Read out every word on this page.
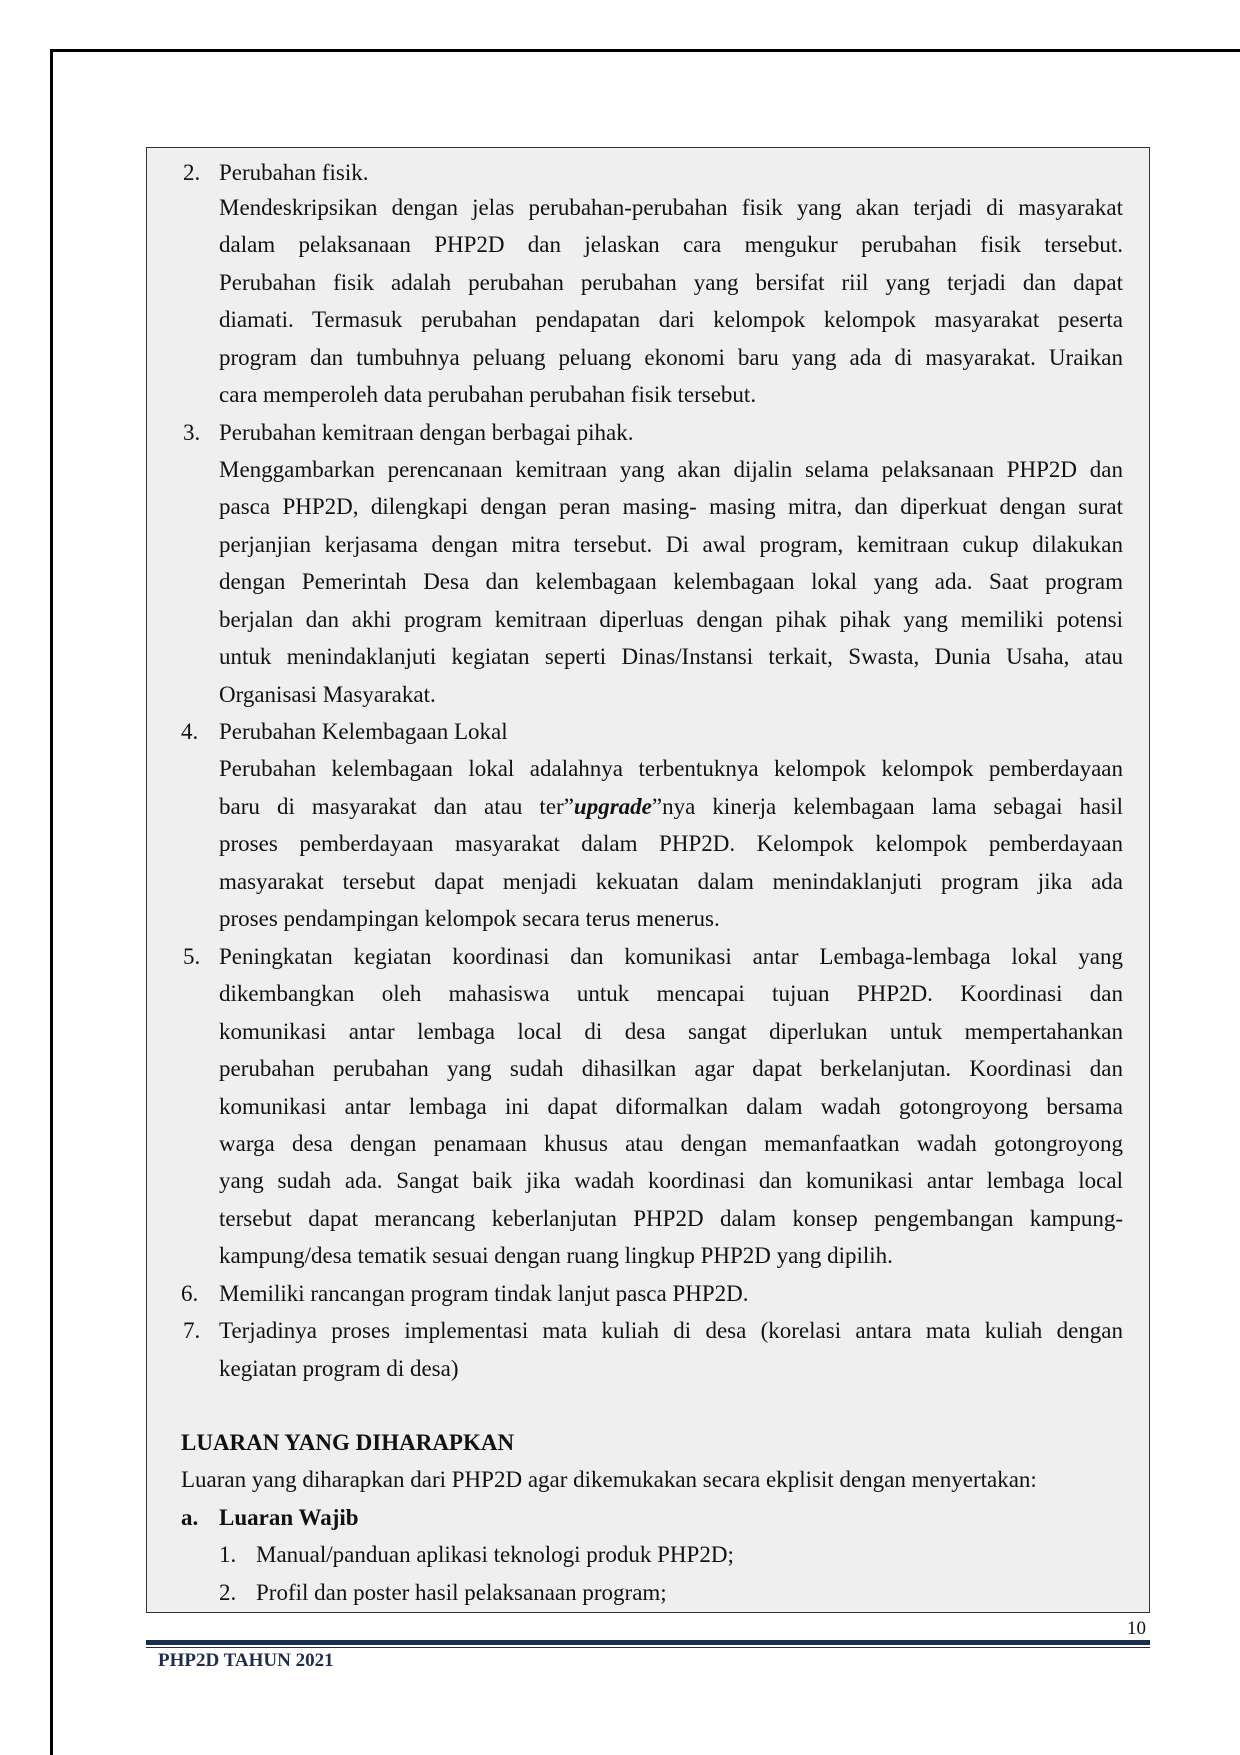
2. Perubahan fisik.
Mendeskripsikan dengan jelas perubahan-perubahan fisik yang akan terjadi di masyarakat
dalam pelaksanaan PHP2D dan jelaskan cara mengukur perubahan fisik tersebut.
Perubahan fisik adalah perubahan perubahan yang bersifat riil yang terjadi dan dapat
diamati. Termasuk perubahan pendapatan dari kelompok kelompok masyarakat peserta
program dan tumbuhnya peluang peluang ekonomi baru yang ada di masyarakat. Uraikan
cara memperoleh data perubahan perubahan fisik tersebut.
3. Perubahan kemitraan dengan berbagai pihak.
Menggambarkan perencanaan kemitraan yang akan dijalin selama pelaksanaan PHP2D dan
pasca PHP2D, dilengkapi dengan peran masing- masing mitra, dan diperkuat dengan surat
perjanjian kerjasama dengan mitra tersebut. Di awal program, kemitraan cukup dilakukan
dengan Pemerintah Desa dan kelembagaan kelembagaan lokal yang ada. Saat program
berjalan dan akhi program kemitraan diperluas dengan pihak pihak yang memiliki potensi
untuk menindaklanjuti kegiatan seperti Dinas/Instansi terkait, Swasta, Dunia Usaha, atau
Organisasi Masyarakat.
4. Perubahan Kelembagaan Lokal
Perubahan kelembagaan lokal adalahnya terbentuknya kelompok kelompok pemberdayaan
baru di masyarakat dan atau ter”upgrade”nya kinerja kelembagaan lama sebagai hasil
proses pemberdayaan masyarakat dalam PHP2D. Kelompok kelompok pemberdayaan
masyarakat tersebut dapat menjadi kekuatan dalam menindaklanjuti program jika ada
proses pendampingan kelompok secara terus menerus.
5. Peningkatan kegiatan koordinasi dan komunikasi antar Lembaga-lembaga lokal yang
dikembangkan oleh mahasiswa untuk mencapai tujuan PHP2D. Koordinasi dan
komunikasi antar lembaga local di desa sangat diperlukan untuk mempertahankan
perubahan perubahan yang sudah dihasilkan agar dapat berkelanjutan. Koordinasi dan
komunikasi antar lembaga ini dapat diformalkan dalam wadah gotongroyong bersama
warga desa dengan penamaan khusus atau dengan memanfaatkan wadah gotongroyong
yang sudah ada. Sangat baik jika wadah koordinasi dan komunikasi antar lembaga local
tersebut dapat merancang keberlanjutan PHP2D dalam konsep pengembangan kampung-
kampung/desa tematik sesuai dengan ruang lingkup PHP2D yang dipilih.
6. Memiliki rancangan program tindak lanjut pasca PHP2D.
7. Terjadinya proses implementasi mata kuliah di desa (korelasi antara mata kuliah dengan
kegiatan program di desa)
LUARAN YANG DIHARAPKAN
Luaran yang diharapkan dari PHP2D agar dikemukakan secara ekplisit dengan menyertakan:
a. Luaran Wajib
1. Manual/panduan aplikasi teknologi produk PHP2D;
2. Profil dan poster hasil pelaksanaan program;
10
PHP2D TAHUN 2021
